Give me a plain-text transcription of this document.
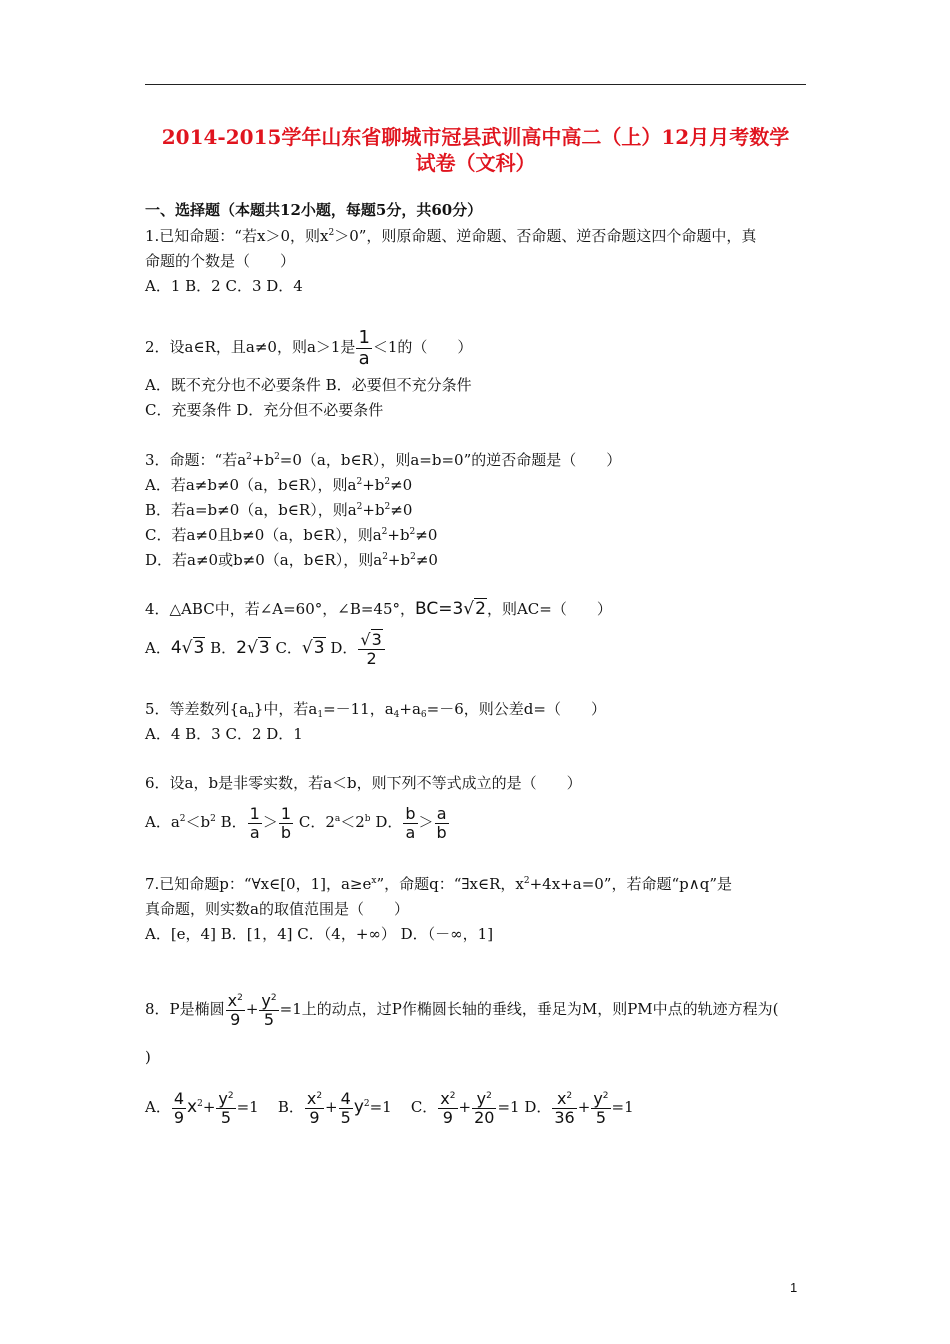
2014-2015学年山东省聊城市冠县武训高中高二（上）12月月考数学
试卷（文科）
一、选择题（本题共12小题，每题5分，共60分）
1.已知命题：“若x＞0，则$x^2>0$”，则原命题、逆命题、否命题、逆否命题这四个命题中，真
命题的个数是（　　）
A．1 B．2 C．3 D．4
2．设a∈R，且a≠0，则a＞1是 $\frac{1}{a} <1$的（　　）
A．既不充分也不必要条件 B．必要但不充分条件
C．充要条件 D．充分但不必要条件
3．命题：“若$a^2+b^2=0(a$，b∈R），则a=b=0”的逆否命题是（　　）
A．若a≠b≠0（a，b∈R），则$a^2+b^2\ne 0$
B．若a=b≠0（a，b∈R），则$a^2+b^2\ne 0$
C．若a≠0且b≠0（a，b∈R），则$a^2+b^2\ne 0$
D．若a≠0或b≠0（a，b∈R），则$a^2+b^2\ne 0$
4．△ABC中，若∠A=60°，∠B=45°，BC=3√2，则AC=（　　）
A．4√3 B．2√3 C．√3 D． $\frac{√3}{2}$
5．等差数列$\{a_n\}$中，若$a_1=-11$，$a_4+a_6=-6$，则公差d=（　　）
A．4 B．3 C．2 D．1
6．设a，b是非零实数，若a＜b，则下列不等式成立的是（　　）
A．$a^2<b^2$ B． $\frac{1}{a} > \frac{1}{b}$ C．$2^a<2^b$ D． $\frac{b}{a} > \frac{a}{b}$
7.已知命题p：“∀x∈[0，1]，$a\ge e^x$”，命题q：“∃x∈R，$x^2+4x+a=0$”，若命题“p∧q”是
真命题，则实数a的取值范围是（　　）
A．[e，4] B．[1，4] C．（4，+∞） D．（－∞，1]
8．P是椭圆 $\frac{x^2}{9} + \frac{y^2}{5} =1$上的动点，过P作椭圆长轴的垂线，垂足为M，则PM中点的轨迹方程为(
)
A． $\frac{4}{9} x^2+ \frac{y^2}{5} =1$ B． $\frac{x^2}{9} + \frac{4}{5} y^2=1$ C． $\frac{x^2}{9} + \frac{y^2}{20} =1$ D． $\frac{x^2}{36} + \frac{y^2}{5} =1$
1
